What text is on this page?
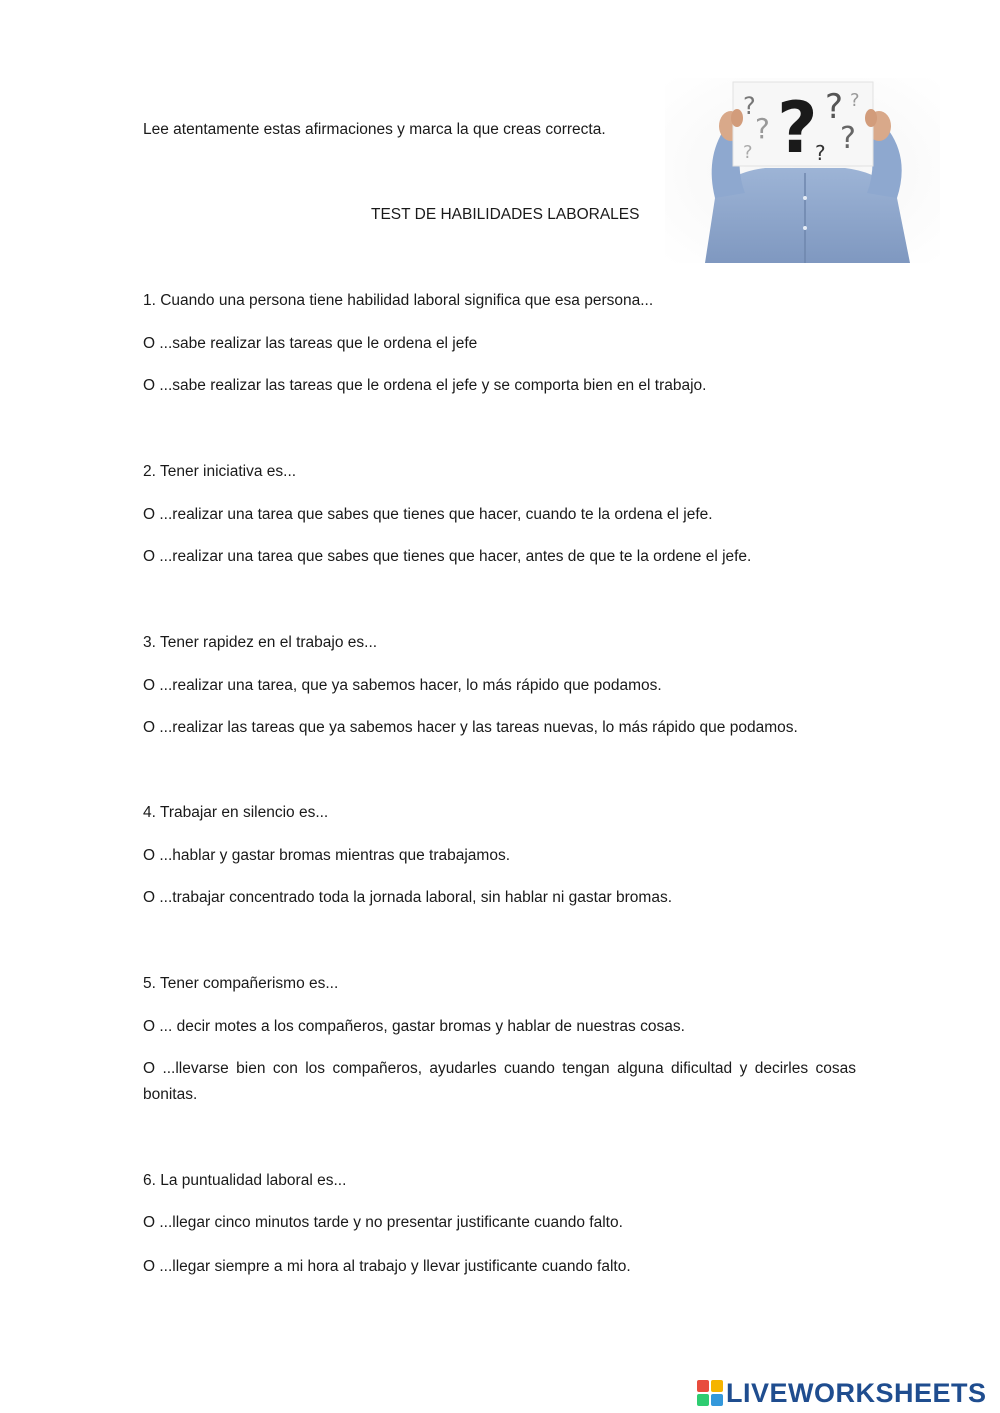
Lee atentamente estas afirmaciones y marca la que creas correcta.
TEST DE HABILIDADES LABORALES
?
?
?
?
?
?
?
?
1. Cuando una persona tiene habilidad laboral significa que esa persona...
O ...sabe realizar las tareas que le ordena el jefe
O ...sabe realizar las tareas que le ordena el jefe y se comporta bien en el trabajo.
2. Tener iniciativa es...
O ...realizar una tarea que sabes que tienes que hacer, cuando te la ordena el jefe.
O ...realizar una tarea que sabes que tienes que hacer, antes de que te la ordene el jefe.
3. Tener rapidez en el trabajo es...
O ...realizar una tarea, que ya sabemos hacer, lo más rápido que podamos.
O ...realizar las tareas que ya sabemos hacer y las tareas nuevas, lo más rápido que podamos.
4. Trabajar en silencio es...
O ...hablar y gastar bromas mientras que trabajamos.
O ...trabajar concentrado toda la jornada laboral, sin hablar ni gastar bromas.
5. Tener compañerismo es...
O ... decir motes a los compañeros, gastar bromas y hablar de nuestras cosas.
O ...llevarse bien con los compañeros, ayudarles cuando tengan alguna dificultad y decirles cosas bonitas.
6. La puntualidad laboral es...
O ...llegar cinco minutos tarde y no presentar justificante cuando falto.
O ...llegar siempre a mi hora al trabajo y llevar justificante cuando falto.
LIVEWORKSHEETS
